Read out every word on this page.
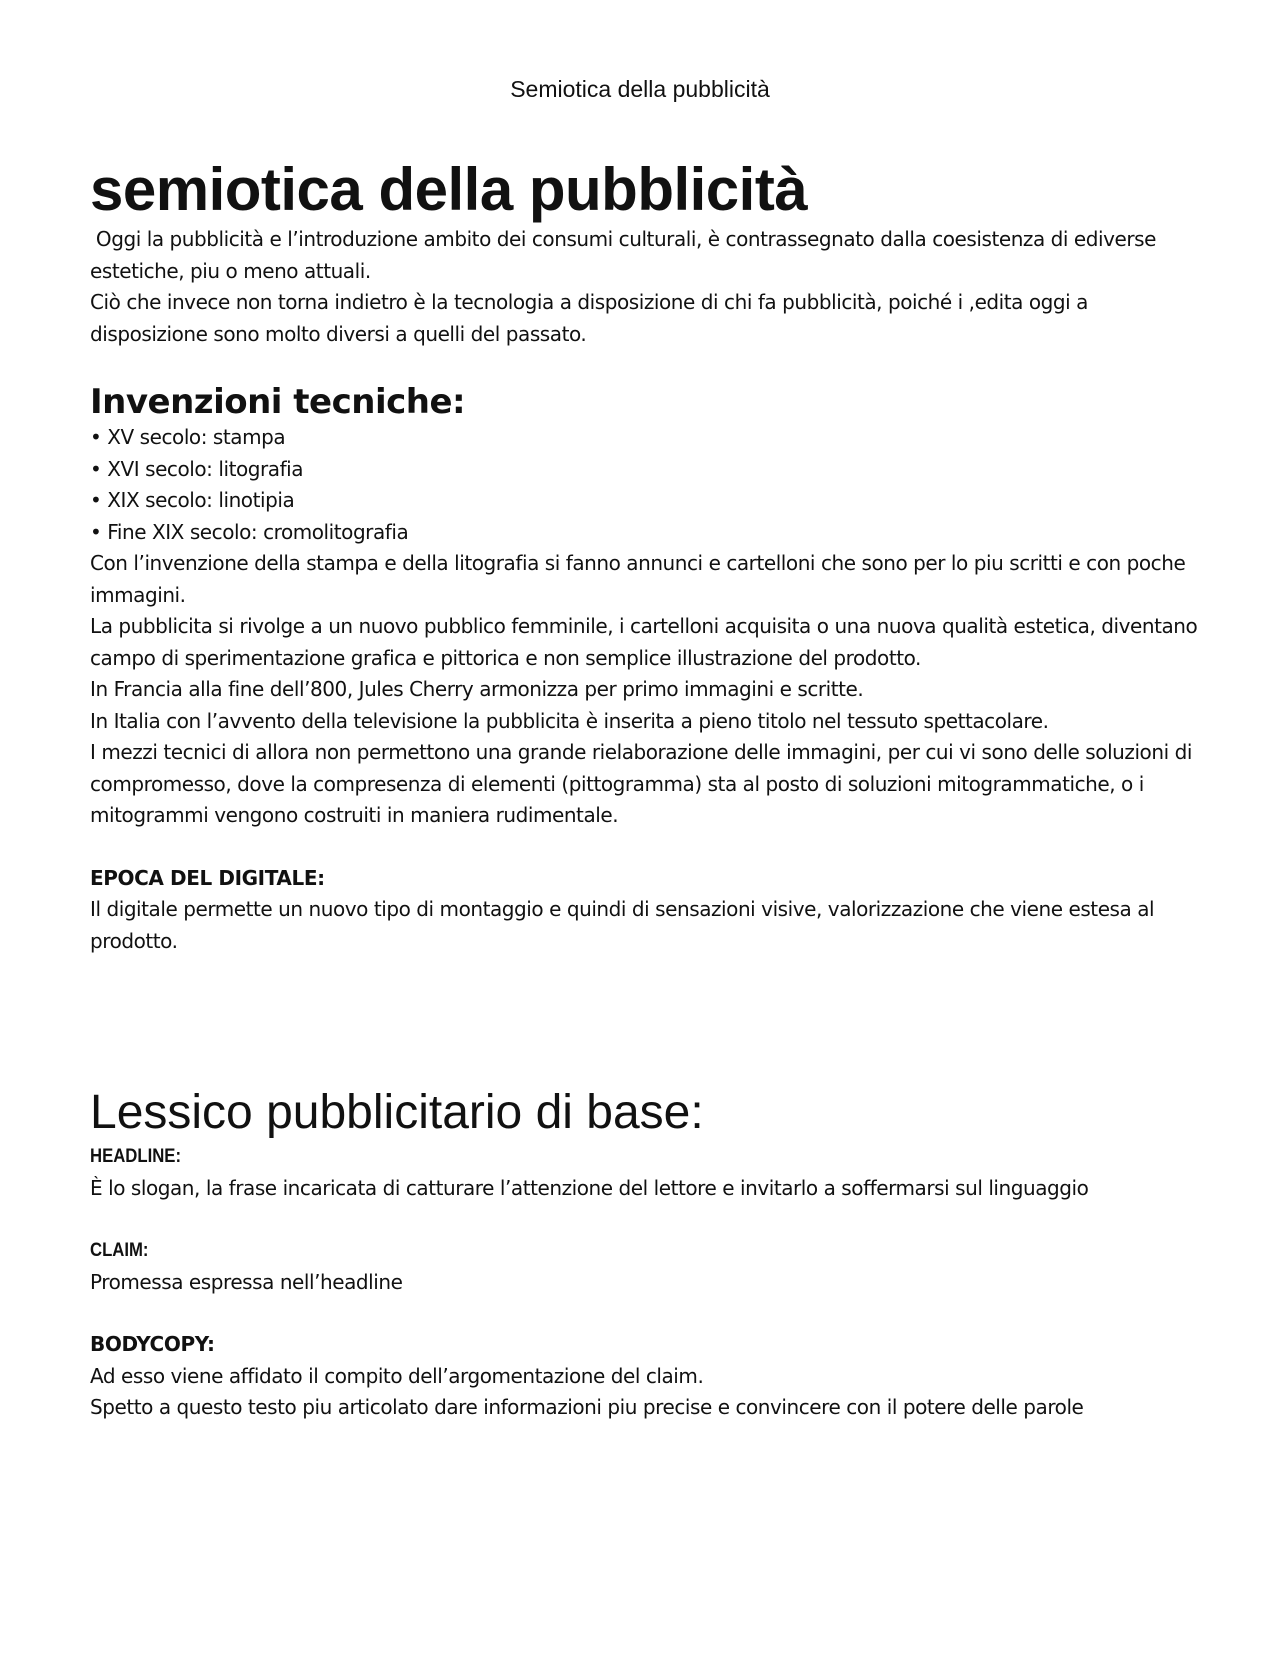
Semiotica della pubblicità
semiotica della pubblicità

Oggi la pubblicità e l’introduzione ambito dei consumi culturali, è contrassegnato dalla coesistenza di ediverse estetiche, piu o meno attuali.

Ciò che invece non torna indietro è la tecnologia a disposizione di chi fa pubblicità, poiché i ,edita oggi a disposizione sono molto diversi a quelli del passato.

Invenzioni tecniche:
• XV secolo: stampa
• XVI secolo: litografia
• XIX secolo: linotipia
• Fine XIX secolo: cromolitografia

Con l’invenzione della stampa e della litografia si fanno annunci e cartelloni che sono per lo piu scritti e con poche immagini.

La pubblicita si rivolge a un nuovo pubblico femminile, i cartelloni acquisita o una nuova qualità estetica, diventano campo di sperimentazione grafica e pittorica e non semplice illustrazione del prodotto.

In Francia alla fine dell’800, Jules Cherry armonizza per primo immagini e scritte.

In Italia con l’avvento della televisione la pubblicita è inserita a pieno titolo nel tessuto spettacolare.

I mezzi tecnici di allora non permettono una grande rielaborazione delle immagini, per cui vi sono delle soluzioni di compromesso, dove la compresenza di elementi (pittogramma) sta al posto di soluzioni mitogrammatiche, o i mitogrammi vengono costruiti in maniera rudimentale.

EPOCA DEL DIGITALE:

Il digitale permette un nuovo tipo di montaggio e quindi di sensazioni visive, valorizzazione che viene estesa al prodotto.

Lessico pubblicitario di base:
HEADLINE:

È lo slogan, la frase incaricata di catturare l’attenzione del lettore e invitarlo a soffermarsi sul linguaggio

CLAIM:

Promessa espressa nell’headline

BODYCOPY:

Ad esso viene affidato il compito dell’argomentazione del claim.

Spetto a questo testo piu articolato dare informazioni piu precise e convincere con il potere delle parole
